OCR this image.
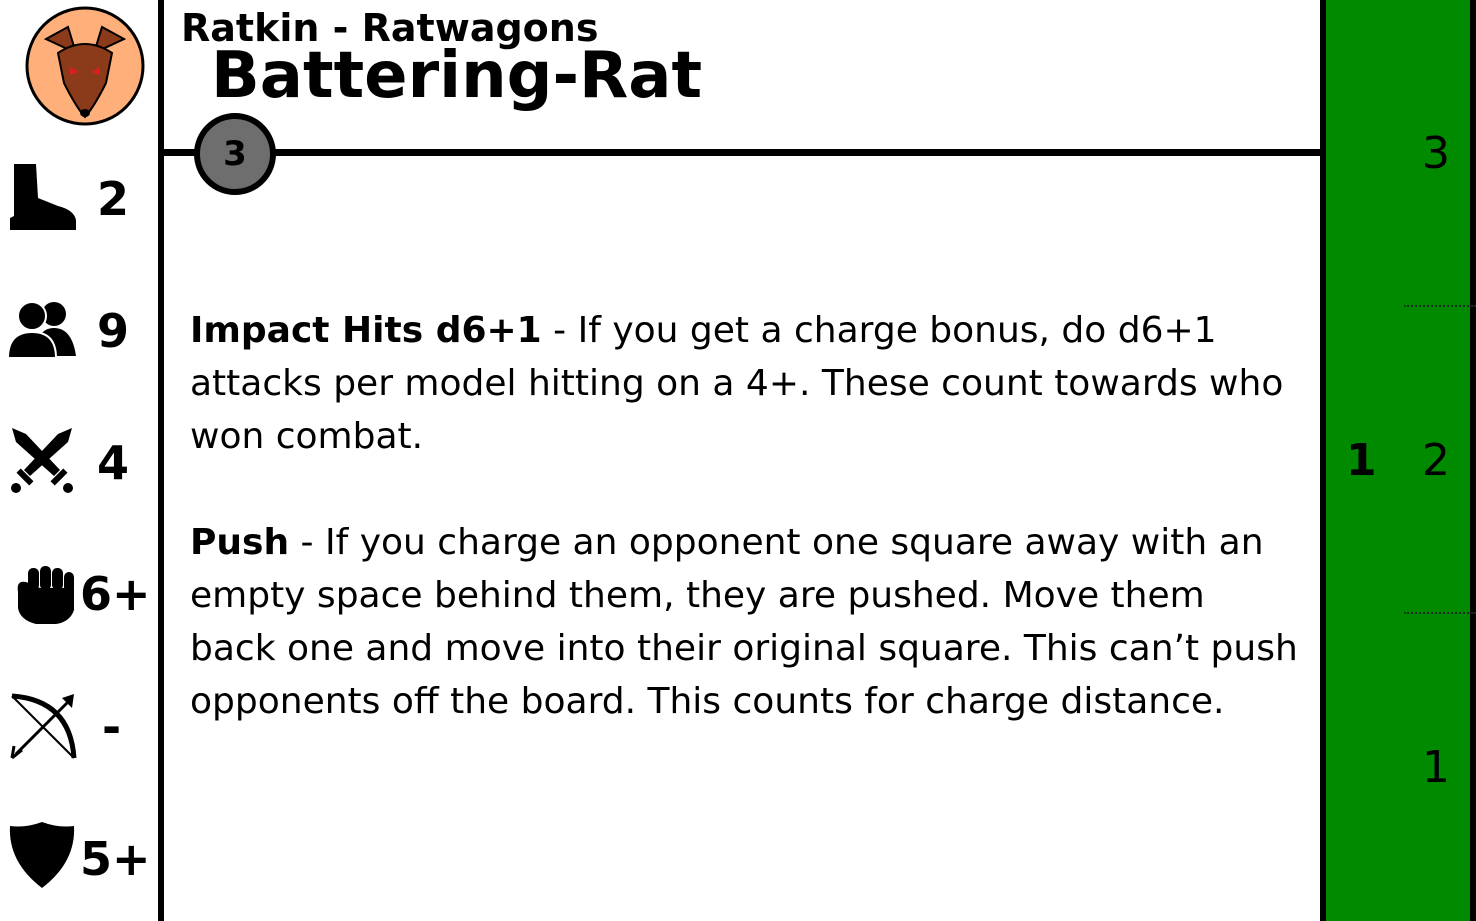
2
9
4
6+
-
5+
Ratkin - Ratwagons
Battering-Rat
3
Impact Hits d6+1 - If you get a charge bonus, do d6+1 attacks per model hitting on a 4+. These count towards who won combat.
Push - If you charge an opponent one square away with an empty space behind them, they are pushed. Move them back one and move into their original square. This can’t push opponents off the board. This counts for charge distance.
3
2
1
1
